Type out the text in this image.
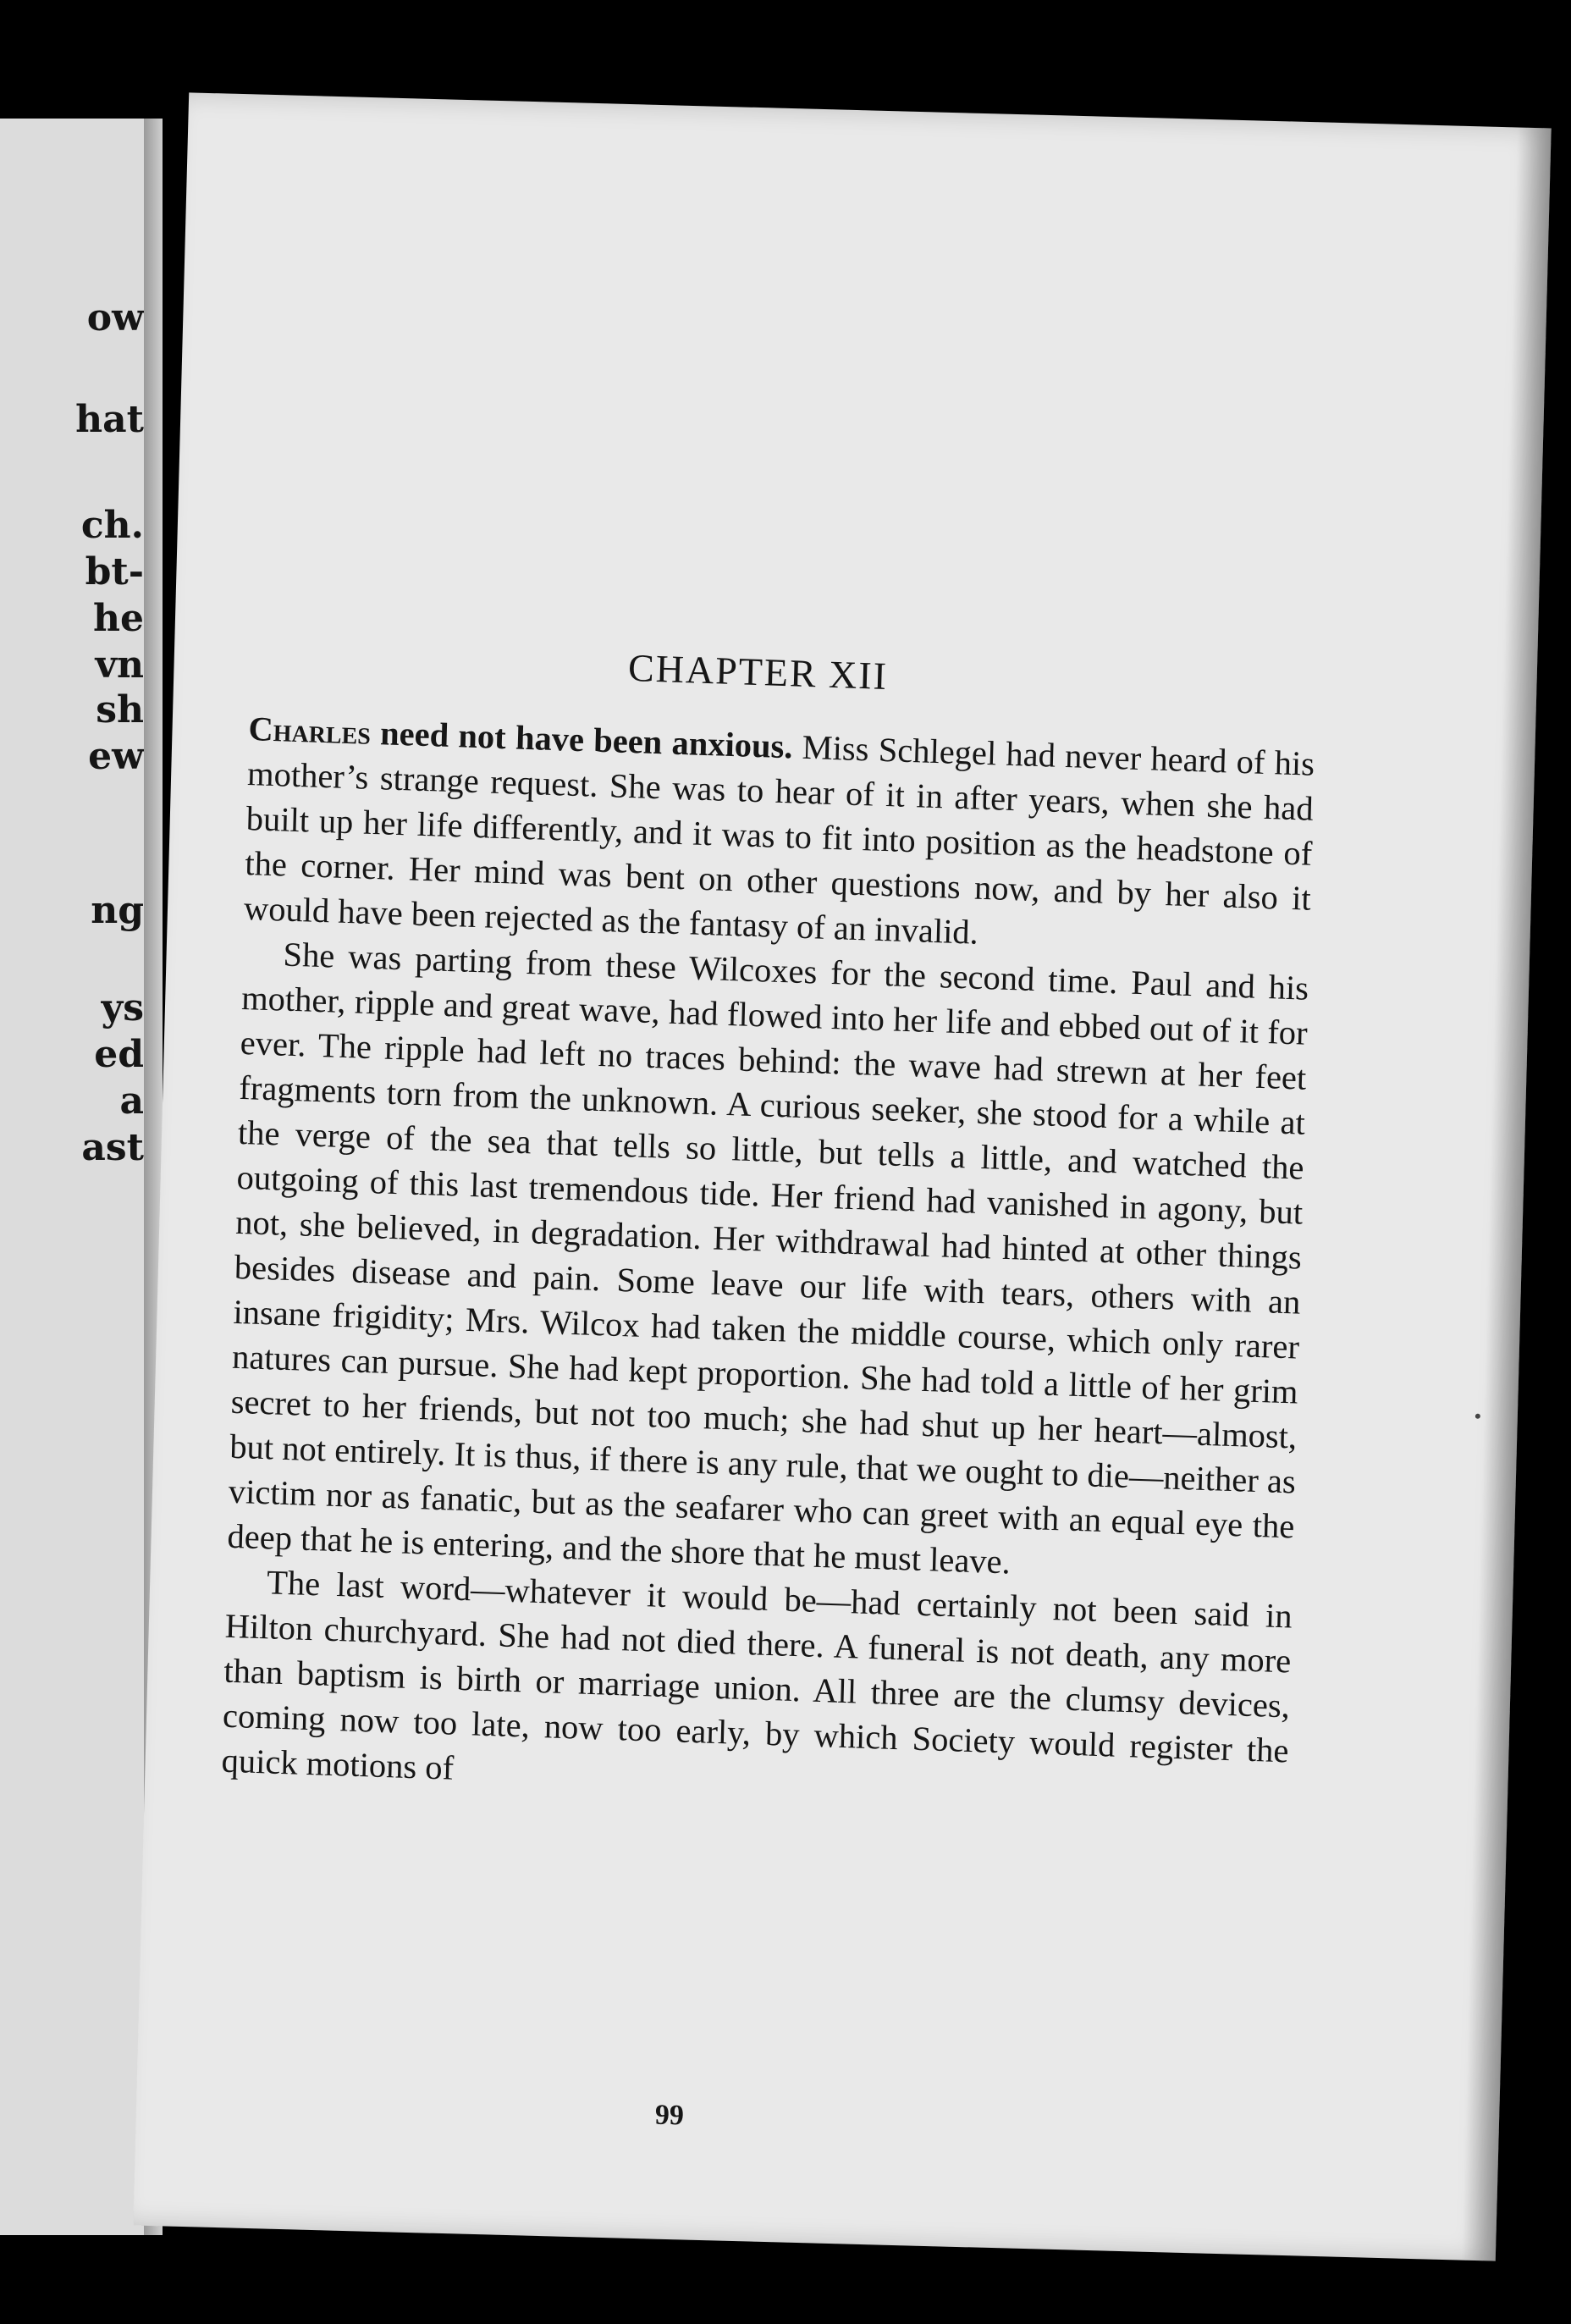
ow
hat
ch.
bt-
he
vn
sh
ew
ng
ys
ed
a
ast
CHAPTER XII

Charles need not have been anxious. Miss Schlegel had never heard of his mother’s strange request. She was to hear of it in after years, when she had built up her life differently, and it was to fit into position as the headstone of the corner. Her mind was bent on other questions now, and by her also it would have been rejected as the fantasy of an invalid.

She was parting from these Wilcoxes for the second time. Paul and his mother, ripple and great wave, had flowed into her life and ebbed out of it for ever. The ripple had left no traces behind: the wave had strewn at her feet fragments torn from the unknown. A curious seeker, she stood for a while at the verge of the sea that tells so little, but tells a little, and watched the outgoing of this last tremendous tide. Her friend had vanished in agony, but not, she believed, in degradation. Her withdrawal had hinted at other things besides disease and pain. Some leave our life with tears, others with an insane frigidity; Mrs. Wilcox had taken the middle course, which only rarer natures can pursue. She had kept proportion. She had told a little of her grim secret to her friends, but not too much; she had shut up her heart—almost, but not entirely. It is thus, if there is any rule, that we ought to die—neither as victim nor as fanatic, but as the seafarer who can greet with an equal eye the deep that he is entering, and the shore that he must leave.

The last word—whatever it would be—had certainly not been said in Hilton churchyard. She had not died there. A funeral is not death, any more than baptism is birth or marriage union. All three are the clumsy devices, coming now too late, now too early, by which Society would register the quick motions of

99
